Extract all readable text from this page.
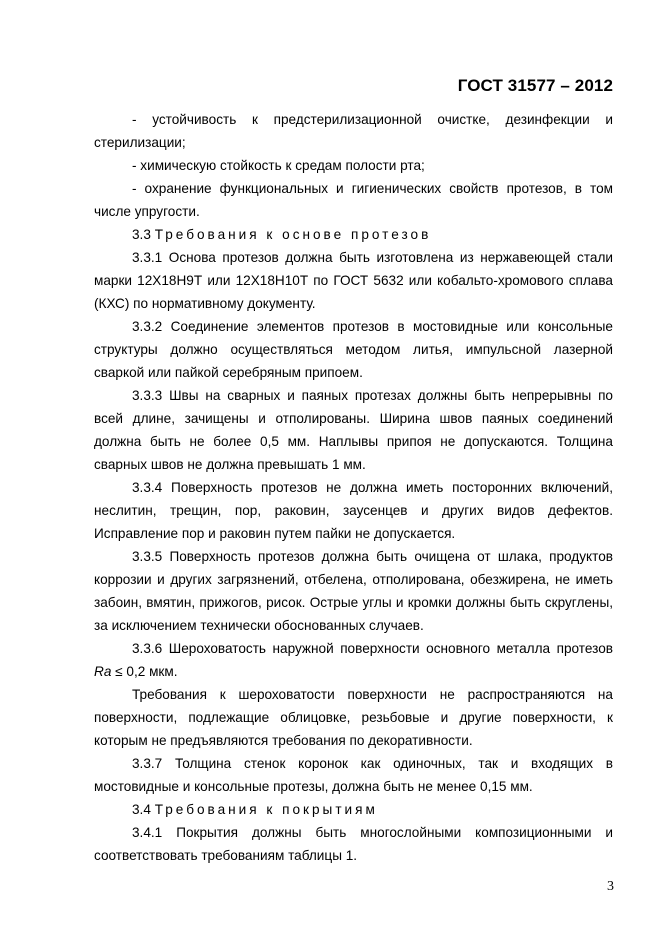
ГОСТ 31577 – 2012

- устойчивость к предстерилизационной очистке, дезинфекции и стерилизации;

- химическую стойкость к средам полости рта;

- охранение функциональных и гигиенических свойств протезов, в том числе упругости.

3.3 Требования к основе протезов

3.3.1 Основа протезов должна быть изготовлена из нержавеющей стали марки 12Х18Н9Т или 12Х18Н10Т по ГОСТ 5632 или кобальто-хромового сплава (КХС) по нормативному документу.

3.3.2 Соединение элементов протезов в мостовидные или консольные структуры должно осуществляться методом литья, импульсной лазерной сваркой или пайкой серебряным припоем.

3.3.3 Швы на сварных и паяных протезах должны быть непрерывны по всей длине, зачищены и отполированы. Ширина швов паяных соединений должна быть не более 0,5 мм. Наплывы припоя не допускаются. Толщина сварных швов не должна превышать 1 мм.

3.3.4 Поверхность протезов не должна иметь посторонних включений, неслитин, трещин, пор, раковин, заусенцев и других видов дефектов. Исправление пор и раковин путем пайки не допускается.

3.3.5 Поверхность протезов должна быть очищена от шлака, продуктов коррозии и других загрязнений, отбелена, отполирована, обезжирена, не иметь забоин, вмятин, прижогов, рисок. Острые углы и кромки должны быть скруглены, за исключением технически обоснованных случаев.

3.3.6 Шероховатость наружной поверхности основного металла протезов Ra ≤ 0,2 мкм.

Требования к шероховатости поверхности не распространяются на поверхности, подлежащие облицовке, резьбовые и другие поверхности, к которым не предъявляются требования по декоративности.

3.3.7 Толщина стенок коронок как одиночных, так и входящих в мостовидные и консольные протезы, должна быть не менее 0,15 мм.

3.4 Требования к покрытиям

3.4.1 Покрытия должны быть многослойными композиционными и соответствовать требованиям таблицы 1.

3
